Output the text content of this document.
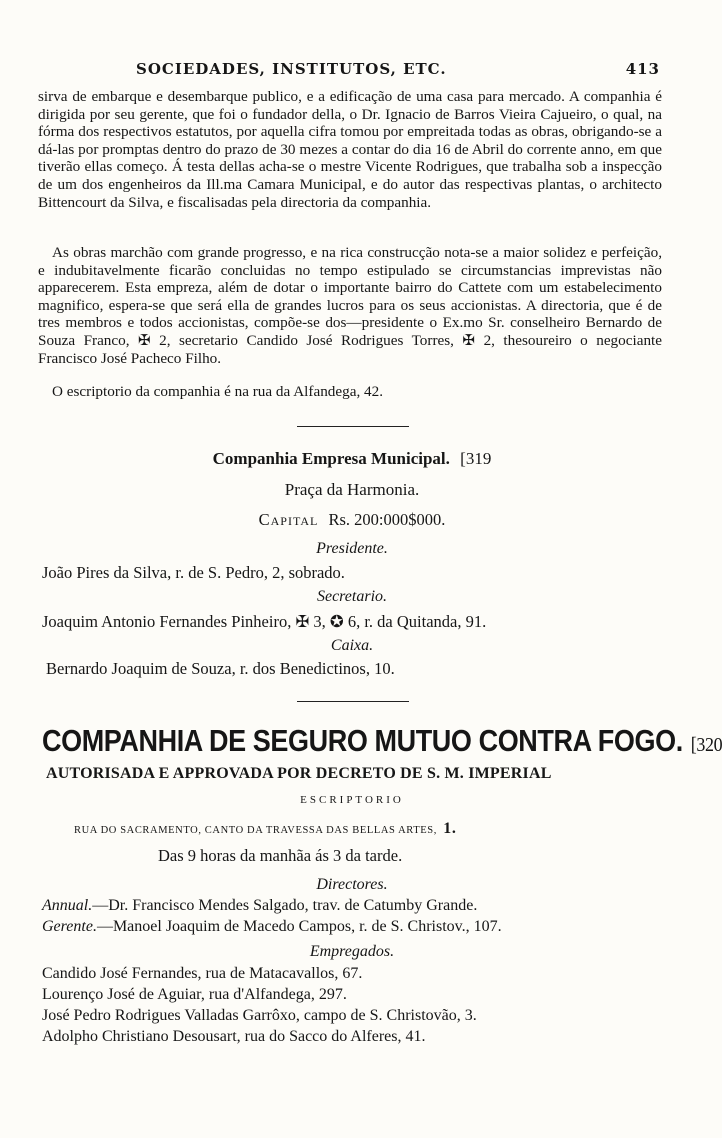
SOCIEDADES, INSTITUTOS, ETC.	413

sirva de embarque e desembarque publico, e a edificação de uma casa para mercado. A companhia é dirigida por seu gerente, que foi o fundador della, o Dr. Ignacio de Barros Vieira Cajueiro, o qual, na fórma dos respectivos estatutos, por aquella cifra tomou por empreitada todas as obras, obrigando-se a dá-las por promptas dentro do prazo de 30 mezes a contar do dia 16 de Abril do corrente anno, em que tiverão ellas começo. Á testa dellas acha-se o mestre Vicente Rodrigues, que trabalha sob a inspecção de um dos engenheiros da Ill.ma Camara Municipal, e do autor das respectivas plantas, o architecto Bittencourt da Silva, e fiscalisadas pela directoria da companhia.

As obras marchão com grande progresso, e na rica construcção nota-se a maior solidez e perfeição, e indubitavelmente ficarão concluidas no tempo estipulado se circumstancias imprevistas não apparecerem. Esta empreza, além de dotar o importante bairro do Cattete com um estabelecimento magnifico, espera-se que será ella de grandes lucros para os seus accionistas. A directoria, que é de tres membros e todos accionistas, compõe-se dos—presidente o Ex.mo Sr. conselheiro Bernardo de Souza Franco, ✠ 2, secretario Candido José Rodrigues Torres, ✠ 2, thesoureiro o negociante Francisco José Pacheco Filho.

O escriptorio da companhia é na rua da Alfandega, 42.
Companhia Empresa Municipal. [319
Praça da Harmonia.
Capital Rs. 200:000$000.
Presidente.
João Pires da Silva, r. de S. Pedro, 2, sobrado.
Secretario.
Joaquim Antonio Fernandes Pinheiro, ✠ 3, ✪ 6, r. da Quitanda, 91.
Caixa.
Bernardo Joaquim de Souza, r. dos Benedictinos, 10.
COMPANHIA DE SEGURO MUTUO CONTRA FOGO. [320
AUTORISADA E APPROVADA POR DECRETO DE S. M. IMPERIAL
ESCRIPTORIO
RUA DO SACRAMENTO, CANTO DA TRAVESSA DAS BELLAS ARTES, 1.
Das 9 horas da manhãa ás 3 da tarde.
Directores.
Annual.—Dr. Francisco Mendes Salgado, trav. de Catumby Grande.
Gerente.—Manoel Joaquim de Macedo Campos, r. de S. Christov., 107.
Empregados.
Candido José Fernandes, rua de Matacavallos, 67.
Lourenço José de Aguiar, rua d'Alfandega, 297.
José Pedro Rodrigues Valladas Garrôxo, campo de S. Christovão, 3.
Adolpho Christiano Desousart, rua do Sacco do Alferes, 41.
